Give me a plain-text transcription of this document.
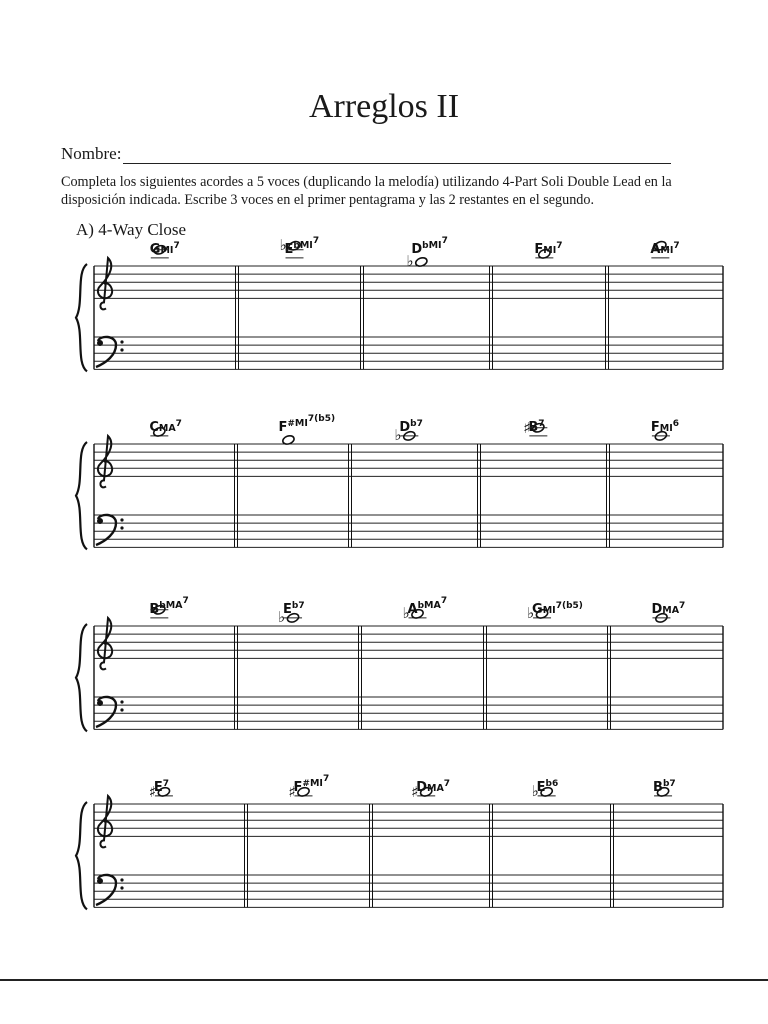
Arreglos II
Nombre:

Completa los siguientes acordes a 5 voces (duplicando la melodía) utilizando 4-Part Soli Double Lead en la disposición indicada. Escribe 3 voces en el primer pentagrama y las 2 restantes en el segundo.

A) 4-Way Close

GMI$^7$	$E^bMI^7$
♭	$D^bMI^7$
♭
FMI$^7$	AMI$^7$
CMA$^7$	$F^{\#}MI^{7(b5)}$
$D^{b7}$
♭	$B^7$
♯	FMI$^6$
$B^bMA^7$
$E^{b7}$
♭	$A^bMA^7$
♭	$GMI^{7(b5)}$
♭	DMA$^7$
$E^7$
♯	$F^{\#}MI^7$
♯	DMA$^7$
♯	$E^{b6}$
♭	$B^{b7}$
